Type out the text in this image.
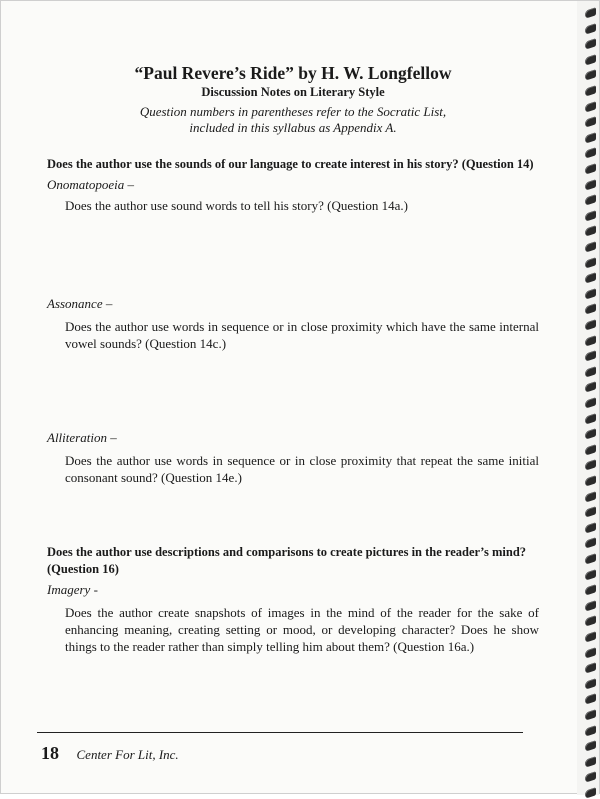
“Paul Revere’s Ride” by H. W. Longfellow
Discussion Notes on Literary Style
Question numbers in parentheses refer to the Socratic List,
included in this syllabus as Appendix A.
Does the author use the sounds of our language to create interest in his story? (Question 14)
Onomatopoeia –
Does the author use sound words to tell his story? (Question 14a.)
Assonance –
Does the author use words in sequence or in close proximity which have the same internal vowel sounds? (Question 14c.)
Alliteration –
Does the author use words in sequence or in close proximity that repeat the same initial consonant sound? (Question 14e.)
Does the author use descriptions and comparisons to create pictures in the reader’s mind? (Question 16)
Imagery -
Does the author create snapshots of images in the mind of the reader for the sake of enhancing meaning, creating setting or mood, or developing character? Does he show things to the reader rather than simply telling him about them? (Question 16a.)
18 Center For Lit, Inc.
